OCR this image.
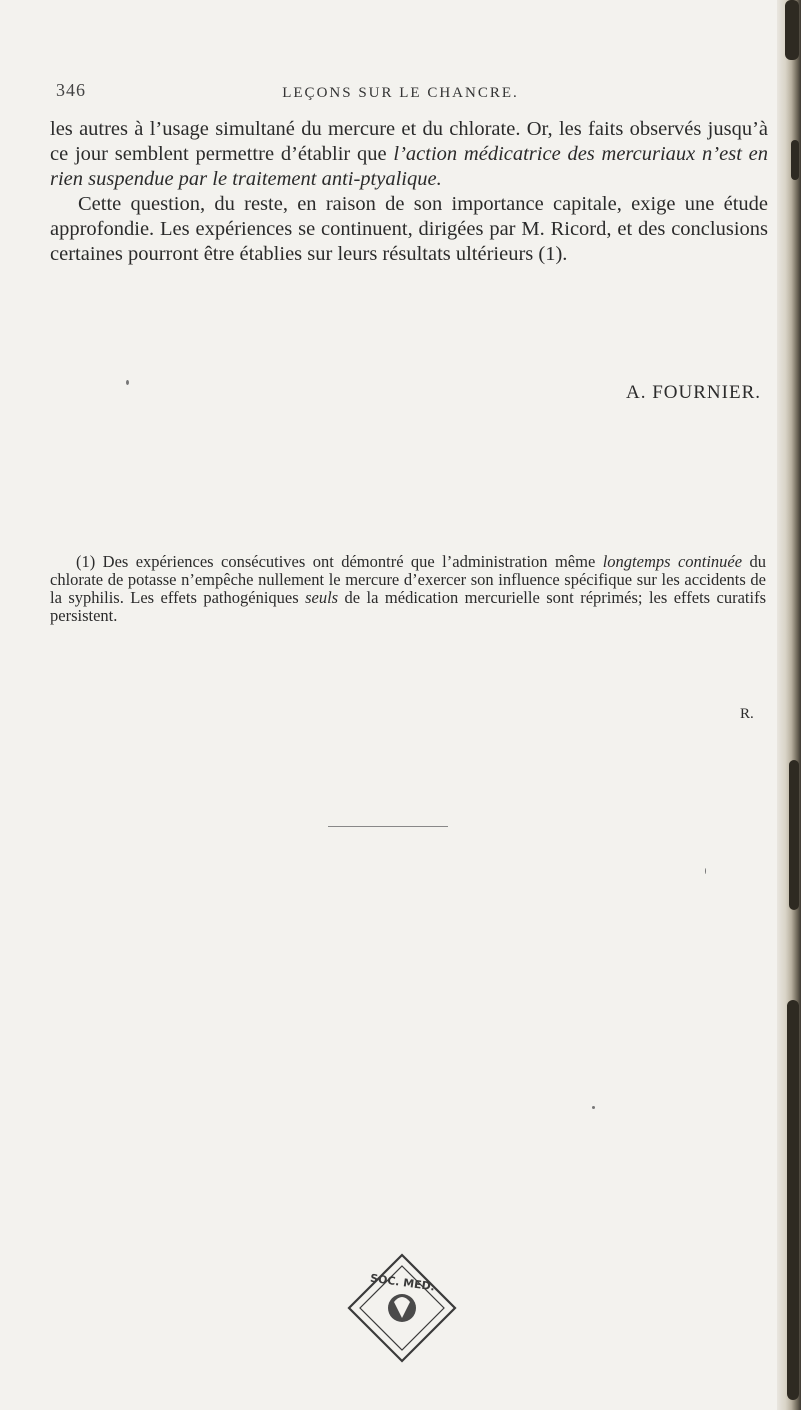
346	LEÇONS SUR LE CHANCRE.

les autres à l’usage simultané du mercure et du chlorate. Or, les faits observés jusqu’à ce jour semblent permettre d’établir que l’action médicatrice des mercuriaux n’est en rien suspendue par le traitement anti-ptyalique.

Cette question, du reste, en raison de son importance capitale, exige une étude approfondie. Les expériences se continuent, dirigées par M. Ricord, et des conclusions certaines pourront être établies sur leurs résultats ultérieurs (1).

A. FOURNIER.
(1) Des expériences consécutives ont démontré que l’administration même longtemps continuée du chlorate de potasse n’empêche nullement le mercure d’exercer son influence spécifique sur les accidents de la syphilis. Les effets pathogéniques seuls de la médication mercurielle sont réprimés; les effets curatifs persistent.
R.
SOC. MED.
